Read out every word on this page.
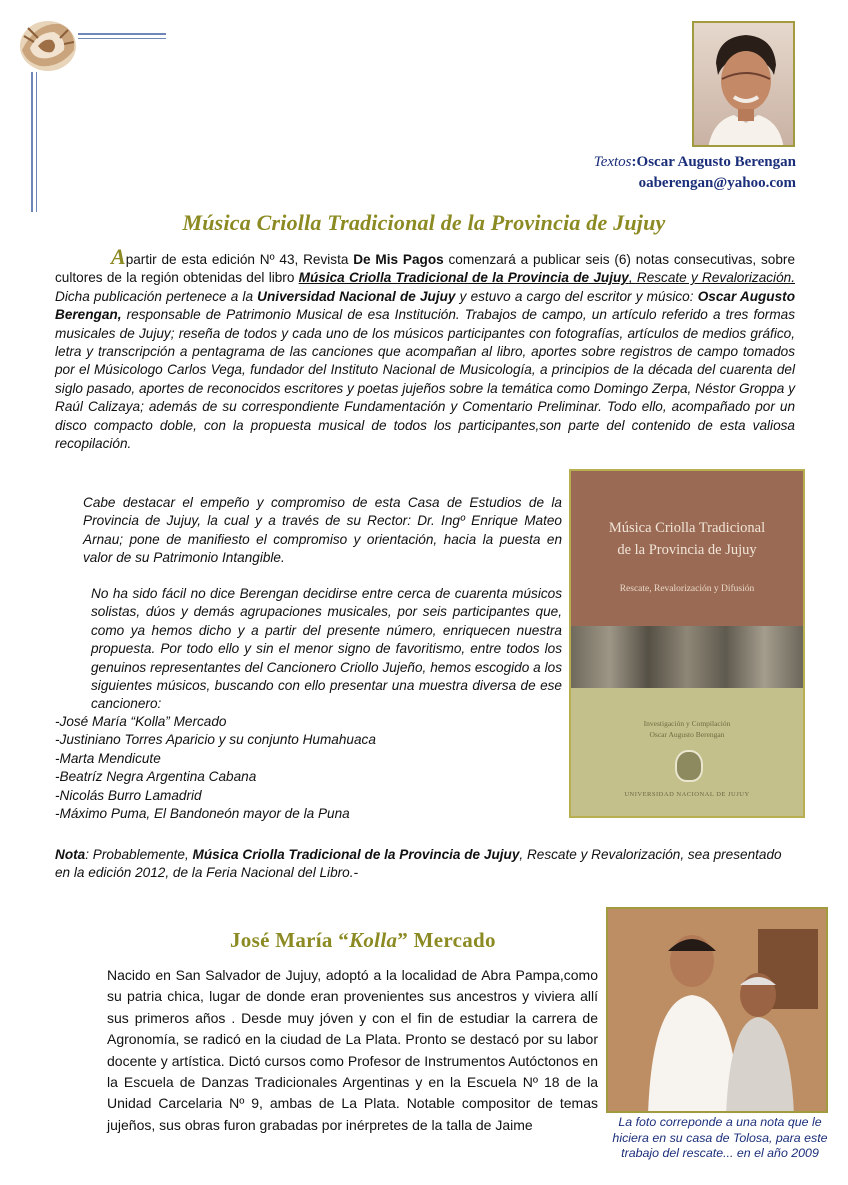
Textos:Oscar Augusto Berengan
oaberengan@yahoo.com
Música Criolla Tradicional de la Provincia de Jujuy

Apartir de esta edición Nº 43, Revista De Mis Pagos comenzará a publicar seis (6) notas consecutivas, sobre cultores de la región obtenidas del libro Música Criolla Tradicional de la Provincia de Jujuy, Rescate y Revalorización. Dicha publicación pertenece a la Universidad Nacional de Jujuy y estuvo a cargo del escritor y músico: Oscar Augusto Berengan, responsable de Patrimonio Musical de esa Institución. Trabajos de campo, un artículo referido a tres formas musicales de Jujuy; reseña de todos y cada uno de los músicos participantes con fotografías, artículos de medios gráfico, letra y transcripción a pentagrama de las canciones que acompañan al libro, aportes sobre registros de campo tomados por el Músicologo Carlos Vega, fundador del Instituto Nacional de Musicología, a principios de la década del cuarenta del siglo pasado, aportes de reconocidos escritores y poetas jujeños sobre la temática como Domingo Zerpa, Néstor Groppa y Raúl Calizaya; además de su correspondiente Fundamentación y Comentario Preliminar. Todo ello, acompañado por un disco compacto doble, con la propuesta musical de todos los participantes,son parte del contenido de esta valiosa recopilación.

Cabe destacar el empeño y compromiso de esta Casa de Estudios de la Provincia de Jujuy, la cual y a través de su Rector: Dr. Ingº Enrique Mateo Arnau; pone de manifiesto el compromiso y orientación, hacia la puesta en valor de su Patrimonio Intangible.

No ha sido fácil no dice Berengan decidirse entre cerca de cuarenta músicos solistas, dúos y demás agrupaciones musicales, por seis participantes que, como ya hemos dicho y a partir del presente número, enriquecen nuestra propuesta. Por todo ello y sin el menor signo de favoritismo, entre todos los genuinos representantes del Cancionero Criollo Jujeño, hemos escogido a los siguientes músicos, buscando con ello presentar una muestra diversa de ese cancionero:

-José María “Kolla” Mercado
-Justiniano Torres Aparicio y su conjunto Humahuaca
-Marta Mendicute
-Beatríz Negra Argentina Cabana
-Nicolás Burro Lamadrid
-Máximo Puma, El Bandoneón mayor de la Puna
Música Criolla Tradicional
de la Provincia de Jujuy
Rescate, Revalorización y Difusión
Investigación y Compilación
Oscar Augusto Berengan
UNIVERSIDAD NACIONAL DE JUJUY

Nota: Probablemente, Música Criolla Tradicional de la Provincia de Jujuy, Rescate y Revalorización, sea presentado en la edición 2012, de la Feria Nacional del Libro.-

José María “Kolla” Mercado

Nacido en San Salvador de Jujuy, adoptó a la localidad de Abra Pampa,como su patria chica, lugar de donde eran provenientes sus ancestros y viviera allí sus primeros años . Desde muy jóven y con el fin de estudiar la carrera de Agronomía, se radicó en la ciudad de La Plata. Pronto se destacó por su labor docente y artística. Dictó cursos como Profesor de Instrumentos Autóctonos en la Escuela de Danzas Tradicionales Argentinas y en la Escuela Nº 18 de la Unidad Carcelaria Nº 9, ambas de La Plata. Notable compositor de temas jujeños, sus obras furon grabadas por inérpretes de la talla de Jaime	La foto correponde a una nota que le hiciera en su casa de Tolosa, para este trabajo del rescate... en el año 2009
